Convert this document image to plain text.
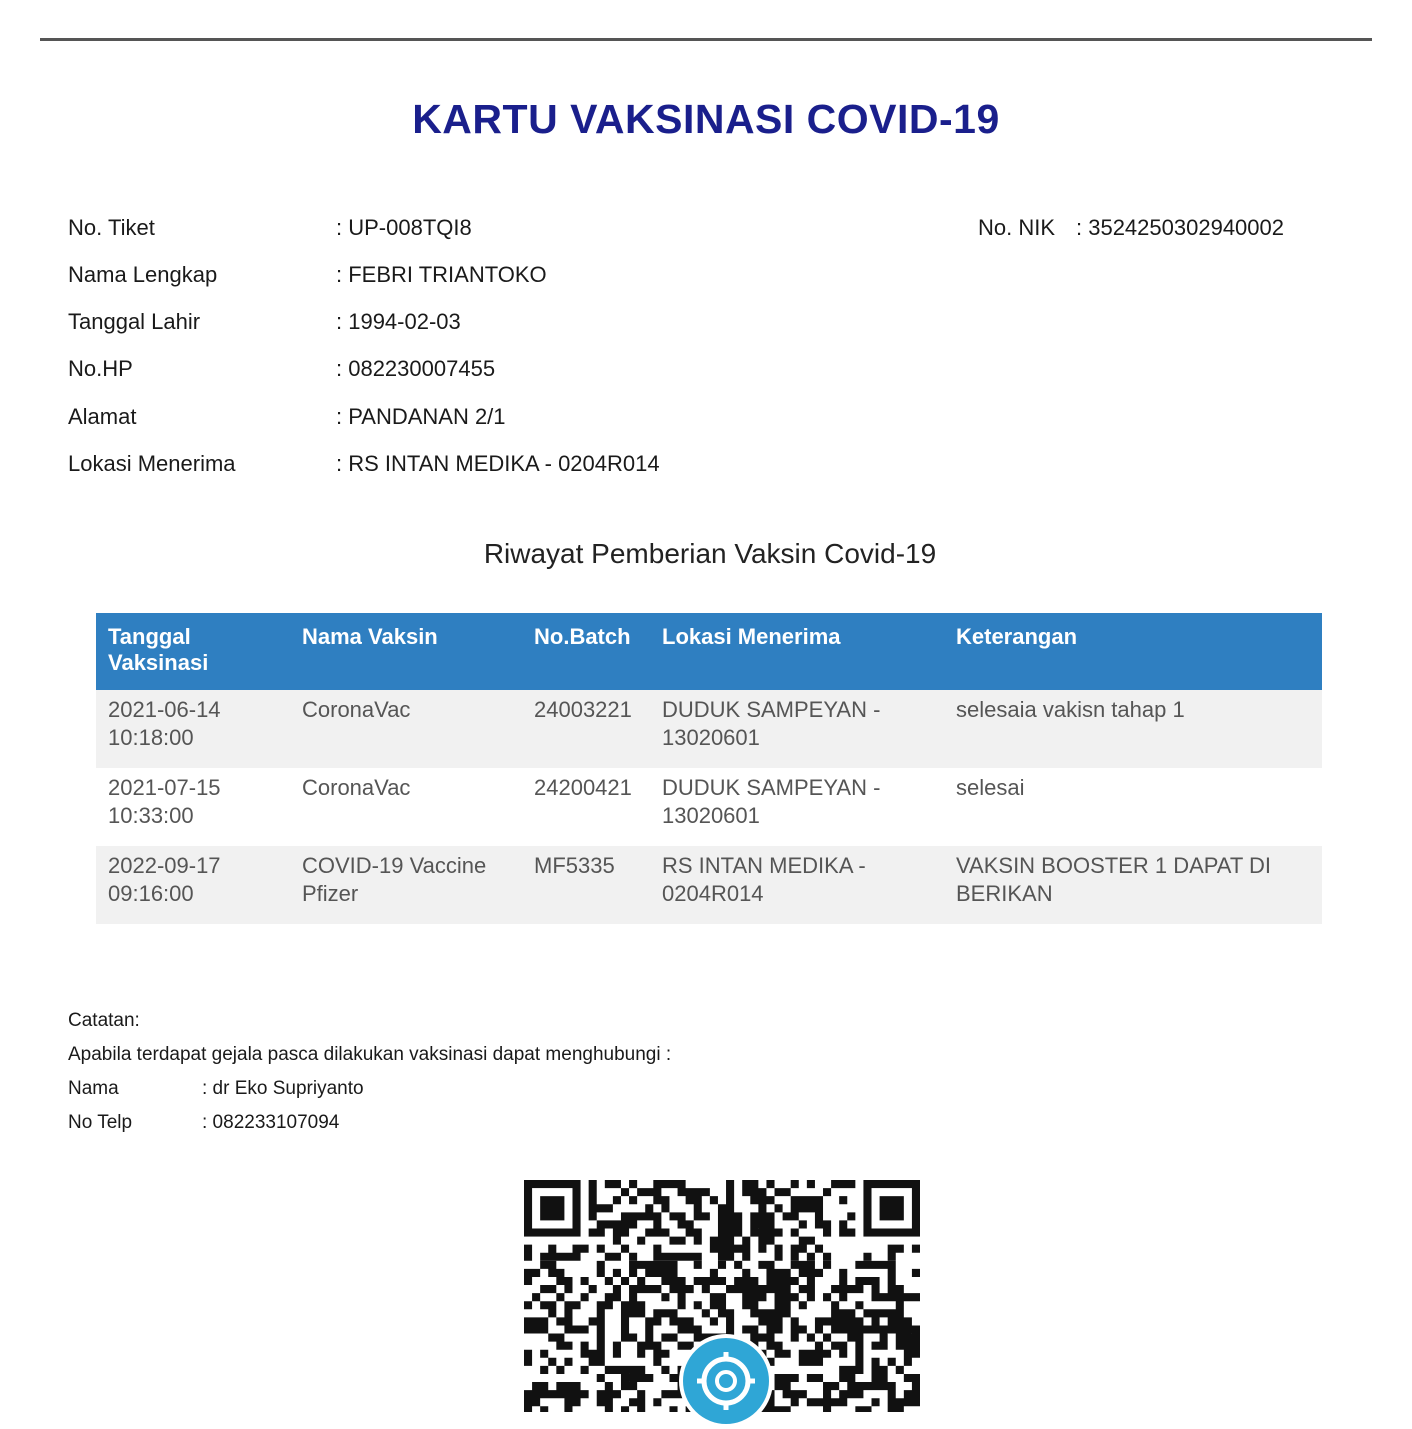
KARTU VAKSINASI COVID-19
No. Tiket	: UP-008TQI8
Nama Lengkap	: FEBRI TRIANTOKO
Tanggal Lahir	: 1994-02-03
No.HP	: 082230007455
Alamat	: PANDANAN 2/1
Lokasi Menerima	: RS INTAN MEDIKA - 0204R014
No. NIK : 3524250302940002
Riwayat Pemberian Vaksin Covid-19
Tanggal Vaksinasi	Nama Vaksin	No.Batch	Lokasi Menerima	Keterangan
2021-06-14 10:18:00	CoronaVac	24003221	DUDUK SAMPEYAN - 13020601	selesaia vakisn tahap 1
2021-07-15 10:33:00	CoronaVac	24200421	DUDUK SAMPEYAN - 13020601	selesai
2022-09-17 09:16:00	COVID-19 Vaccine Pfizer	MF5335	RS INTAN MEDIKA - 0204R014	VAKSIN BOOSTER 1 DAPAT DI BERIKAN
Catatan:
Apabila terdapat gejala pasca dilakukan vaksinasi dapat menghubungi :
Nama	: dr Eko Supriyanto
No Telp	: 082233107094
